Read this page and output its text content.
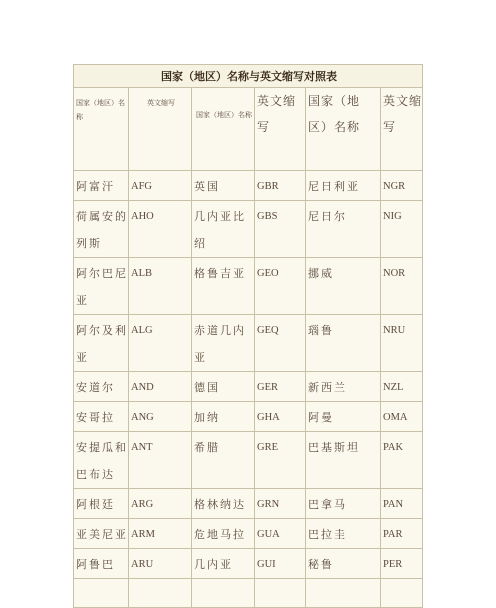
国家（地区）名称与英文缩写对照表					
国家（地区）名称	英文缩写	国家（地区）名称	英文缩写	国家（地区）名称	英文缩写
阿富汗	AFG	英国	GBR	尼日利亚	NGR
荷属安的列斯	AHO	几内亚比绍	GBS	尼日尔	NIG
阿尔巴尼亚	ALB	格鲁吉亚	GEO	挪威	NOR
阿尔及利亚	ALG	赤道几内亚	GEQ	瑙鲁	NRU
安道尔	AND	德国	GER	新西兰	NZL
安哥拉	ANG	加纳	GHA	阿曼	OMA
安提瓜和巴布达	ANT	希腊	GRE	巴基斯坦	PAK
阿根廷	ARG	格林纳达	GRN	巴拿马	PAN
亚美尼亚	ARM	危地马拉	GUA	巴拉圭	PAR
阿鲁巴	ARU	几内亚	GUI	秘鲁	PER
